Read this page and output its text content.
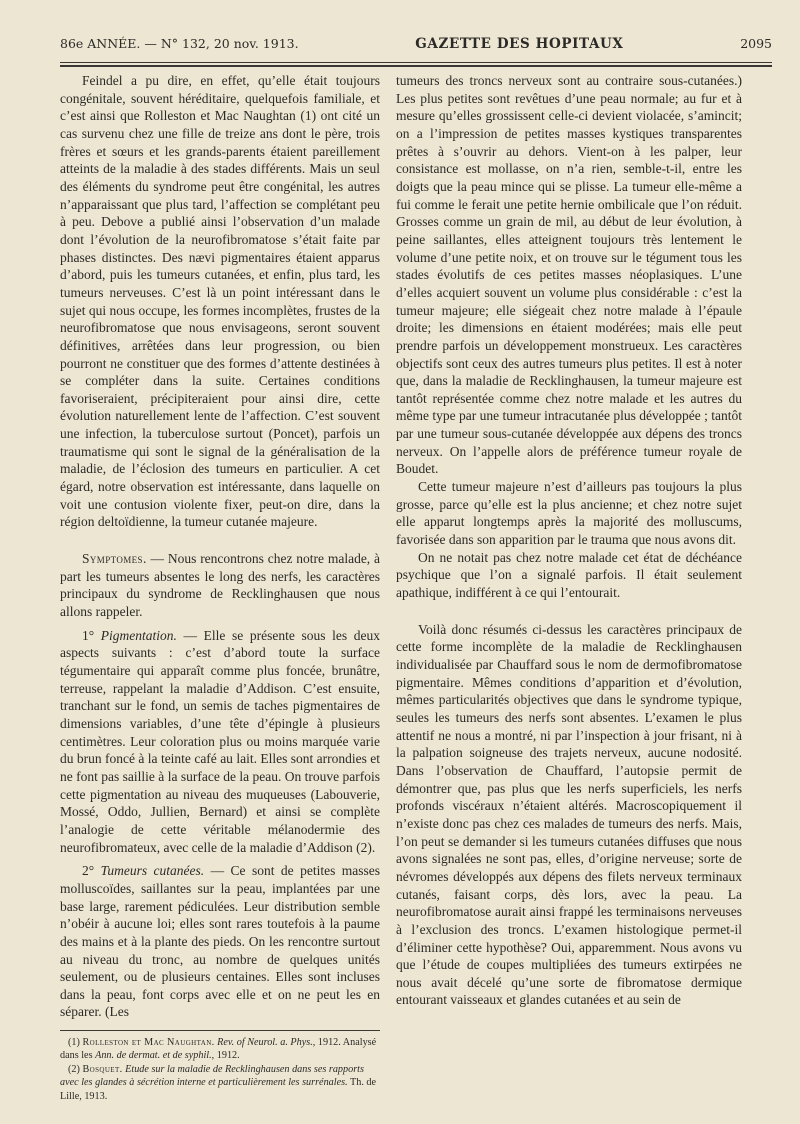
86e ANNÉE. — N° 132, 20 nov. 1913.	GAZETTE DES HOPITAUX	2095

Feindel a pu dire, en effet, qu’elle était toujours congénitale, souvent héréditaire, quelquefois familiale, et c’est ainsi que Rolleston et Mac Naughtan (1) ont cité un cas survenu chez une fille de treize ans dont le père, trois frères et sœurs et les grands-parents étaient pareillement atteints de la maladie à des stades différents. Mais un seul des éléments du syndrome peut être congénital, les autres n’apparaissant que plus tard, l’affection se complétant peu à peu. Debove a publié ainsi l’observation d’un malade dont l’évolution de la neurofibromatose s’était faite par phases distinctes. Des nævi pigmentaires étaient apparus d’abord, puis les tumeurs cutanées, et enfin, plus tard, les tumeurs nerveuses. C’est là un point intéressant dans le sujet qui nous occupe, les formes incomplètes, frustes de la neurofibromatose que nous envisageons, seront souvent définitives, arrêtées dans leur progression, ou bien pourront ne constituer que des formes d’attente destinées à se compléter dans la suite. Certaines conditions favoriseraient, précipiteraient pour ainsi dire, cette évolution naturellement lente de l’affection. C’est souvent une infection, la tuberculose surtout (Poncet), parfois un traumatisme qui sont le signal de la généralisation de la maladie, de l’éclosion des tumeurs en particulier. A cet égard, notre observation est intéressante, dans laquelle on voit une contusion violente fixer, peut-on dire, dans la région deltoïdienne, la tumeur cutanée majeure.

Symptomes. — Nous rencontrons chez notre malade, à part les tumeurs absentes le long des nerfs, les caractères principaux du syndrome de Recklinghausen que nous allons rappeler.

1° Pigmentation. — Elle se présente sous les deux aspects suivants : c’est d’abord toute la surface tégumentaire qui apparaît comme plus foncée, brunâtre, terreuse, rappelant la maladie d’Addison. C’est ensuite, tranchant sur le fond, un semis de taches pigmentaires de dimensions variables, d’une tête d’épingle à plusieurs centimètres. Leur coloration plus ou moins marquée varie du brun foncé à la teinte café au lait. Elles sont arrondies et ne font pas saillie à la surface de la peau. On trouve parfois cette pigmentation au niveau des muqueuses (Labouverie, Mossé, Oddo, Jullien, Bernard) et ainsi se complète l’analogie de cette véritable mélanodermie des neurofibromateux, avec celle de la maladie d’Addison (2).

2° Tumeurs cutanées. — Ce sont de petites masses molluscoïdes, saillantes sur la peau, implantées par une base large, rarement pédiculées. Leur distribution semble n’obéir à aucune loi; elles sont rares toutefois à la paume des mains et à la plante des pieds. On les rencontre surtout au niveau du tronc, au nombre de quelques unités seulement, ou de plusieurs centaines. Elles sont incluses dans la peau, font corps avec elle et on ne peut les en séparer. (Les

tumeurs des troncs nerveux sont au contraire sous-cutanées.) Les plus petites sont revêtues d’une peau normale; au fur et à mesure qu’elles grossissent celle-ci devient violacée, s’amincit; on a l’impression de petites masses kystiques transparentes prêtes à s’ouvrir au dehors. Vient-on à les palper, leur consistance est mollasse, on n’a rien, semble-t-il, entre les doigts que la peau mince qui se plisse. La tumeur elle-même a fui comme le ferait une petite hernie ombilicale que l’on réduit. Grosses comme un grain de mil, au début de leur évolution, à peine saillantes, elles atteignent toujours très lentement le volume d’une petite noix, et on trouve sur le tégument tous les stades évolutifs de ces petites masses néoplasiques. L’une d’elles acquiert souvent un volume plus considérable : c’est la tumeur majeure; elle siégeait chez notre malade à l’épaule droite; les dimensions en étaient modérées; mais elle peut prendre parfois un développement monstrueux. Les caractères objectifs sont ceux des autres tumeurs plus petites. Il est à noter que, dans la maladie de Recklinghausen, la tumeur majeure est tantôt représentée comme chez notre malade et les autres du même type par une tumeur intracutanée plus développée ; tantôt par une tumeur sous-cutanée développée aux dépens des troncs nerveux. On l’appelle alors de préférence tumeur royale de Boudet.

Cette tumeur majeure n’est d’ailleurs pas toujours la plus grosse, parce qu’elle est la plus ancienne; et chez notre sujet elle apparut longtemps après la majorité des molluscums, favorisée dans son apparition par le trauma que nous avons dit.

On ne notait pas chez notre malade cet état de déchéance psychique que l’on a signalé parfois. Il était seulement apathique, indifférent à ce qui l’entourait.

Voilà donc résumés ci-dessus les caractères principaux de cette forme incomplète de la maladie de Recklinghausen individualisée par Chauffard sous le nom de dermofibromatose pigmentaire. Mêmes conditions d’apparition et d’évolution, mêmes particularités objectives que dans le syndrome typique, seules les tumeurs des nerfs sont absentes. L’examen le plus attentif ne nous a montré, ni par l’inspection à jour frisant, ni à la palpation soigneuse des trajets nerveux, aucune nodosité. Dans l’observation de Chauffard, l’autopsie permit de démontrer que, pas plus que les nerfs superficiels, les nerfs profonds viscéraux n’étaient altérés. Macroscopiquement il n’existe donc pas chez ces malades de tumeurs des nerfs. Mais, l’on peut se demander si les tumeurs cutanées diffuses que nous avons signalées ne sont pas, elles, d’origine nerveuse; sorte de névromes développés aux dépens des filets nerveux terminaux cutanés, faisant corps, dès lors, avec la peau. La neurofibromatose aurait ainsi frappé les terminaisons nerveuses à l’exclusion des troncs. L’examen histologique permet-il d’éliminer cette hypothèse? Oui, apparemment. Nous avons vu que l’étude de coupes multipliées des tumeurs extirpées ne nous avait décelé qu’une sorte de fibromatose dermique entourant vaisseaux et glandes cutanées et au sein de

(1) Rolleston et Mac Naughtan. Rev. of Neurol. a. Phys., 1912. Analysé dans les Ann. de dermat. et de syphil., 1912.

(2) Bosquet. Etude sur la maladie de Recklinghausen dans ses rapports avec les glandes à sécrétion interne et particulièrement les surrénales. Th. de Lille, 1913.
